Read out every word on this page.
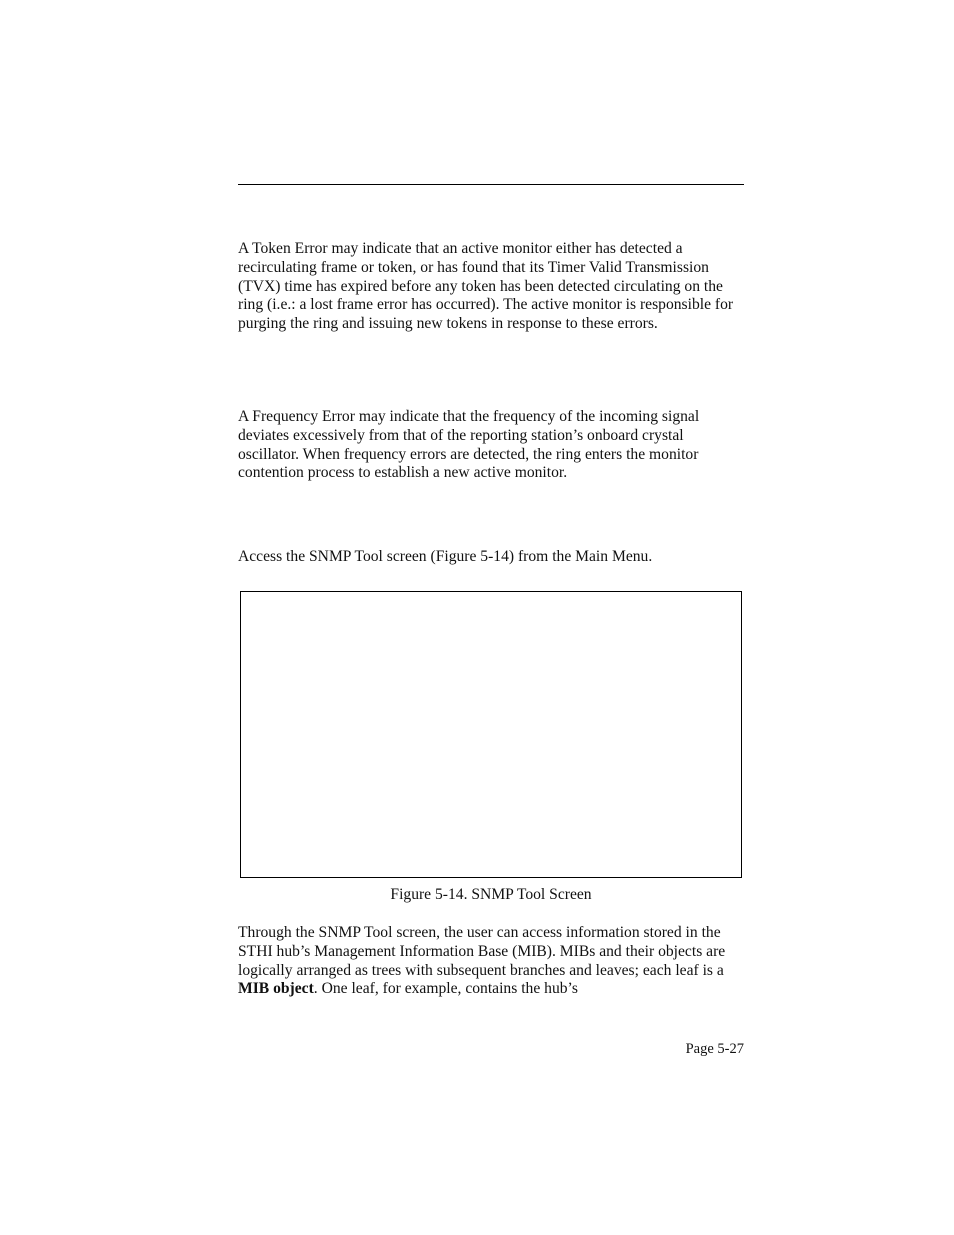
A Token Error may indicate that an active monitor either has detected a recirculating frame or token, or has found that its Timer Valid Transmission (TVX) time has expired before any token has been detected circulating on the ring (i.e.: a lost frame error has occurred). The active monitor is responsible for purging the ring and issuing new tokens in response to these errors.

A Frequency Error may indicate that the frequency of the incoming signal deviates excessively from that of the reporting station’s onboard crystal oscillator. When frequency errors are detected, the ring enters the monitor contention process to establish a new active monitor.

Access the SNMP Tool screen (Figure 5-14) from the Main Menu.

Figure 5-14. SNMP Tool Screen

Through the SNMP Tool screen, the user can access information stored in the STHI hub’s Management Information Base (MIB). MIBs and their objects are logically arranged as trees with subsequent branches and leaves; each leaf is a MIB object. One leaf, for example, contains the hub’s

Page 5-27
